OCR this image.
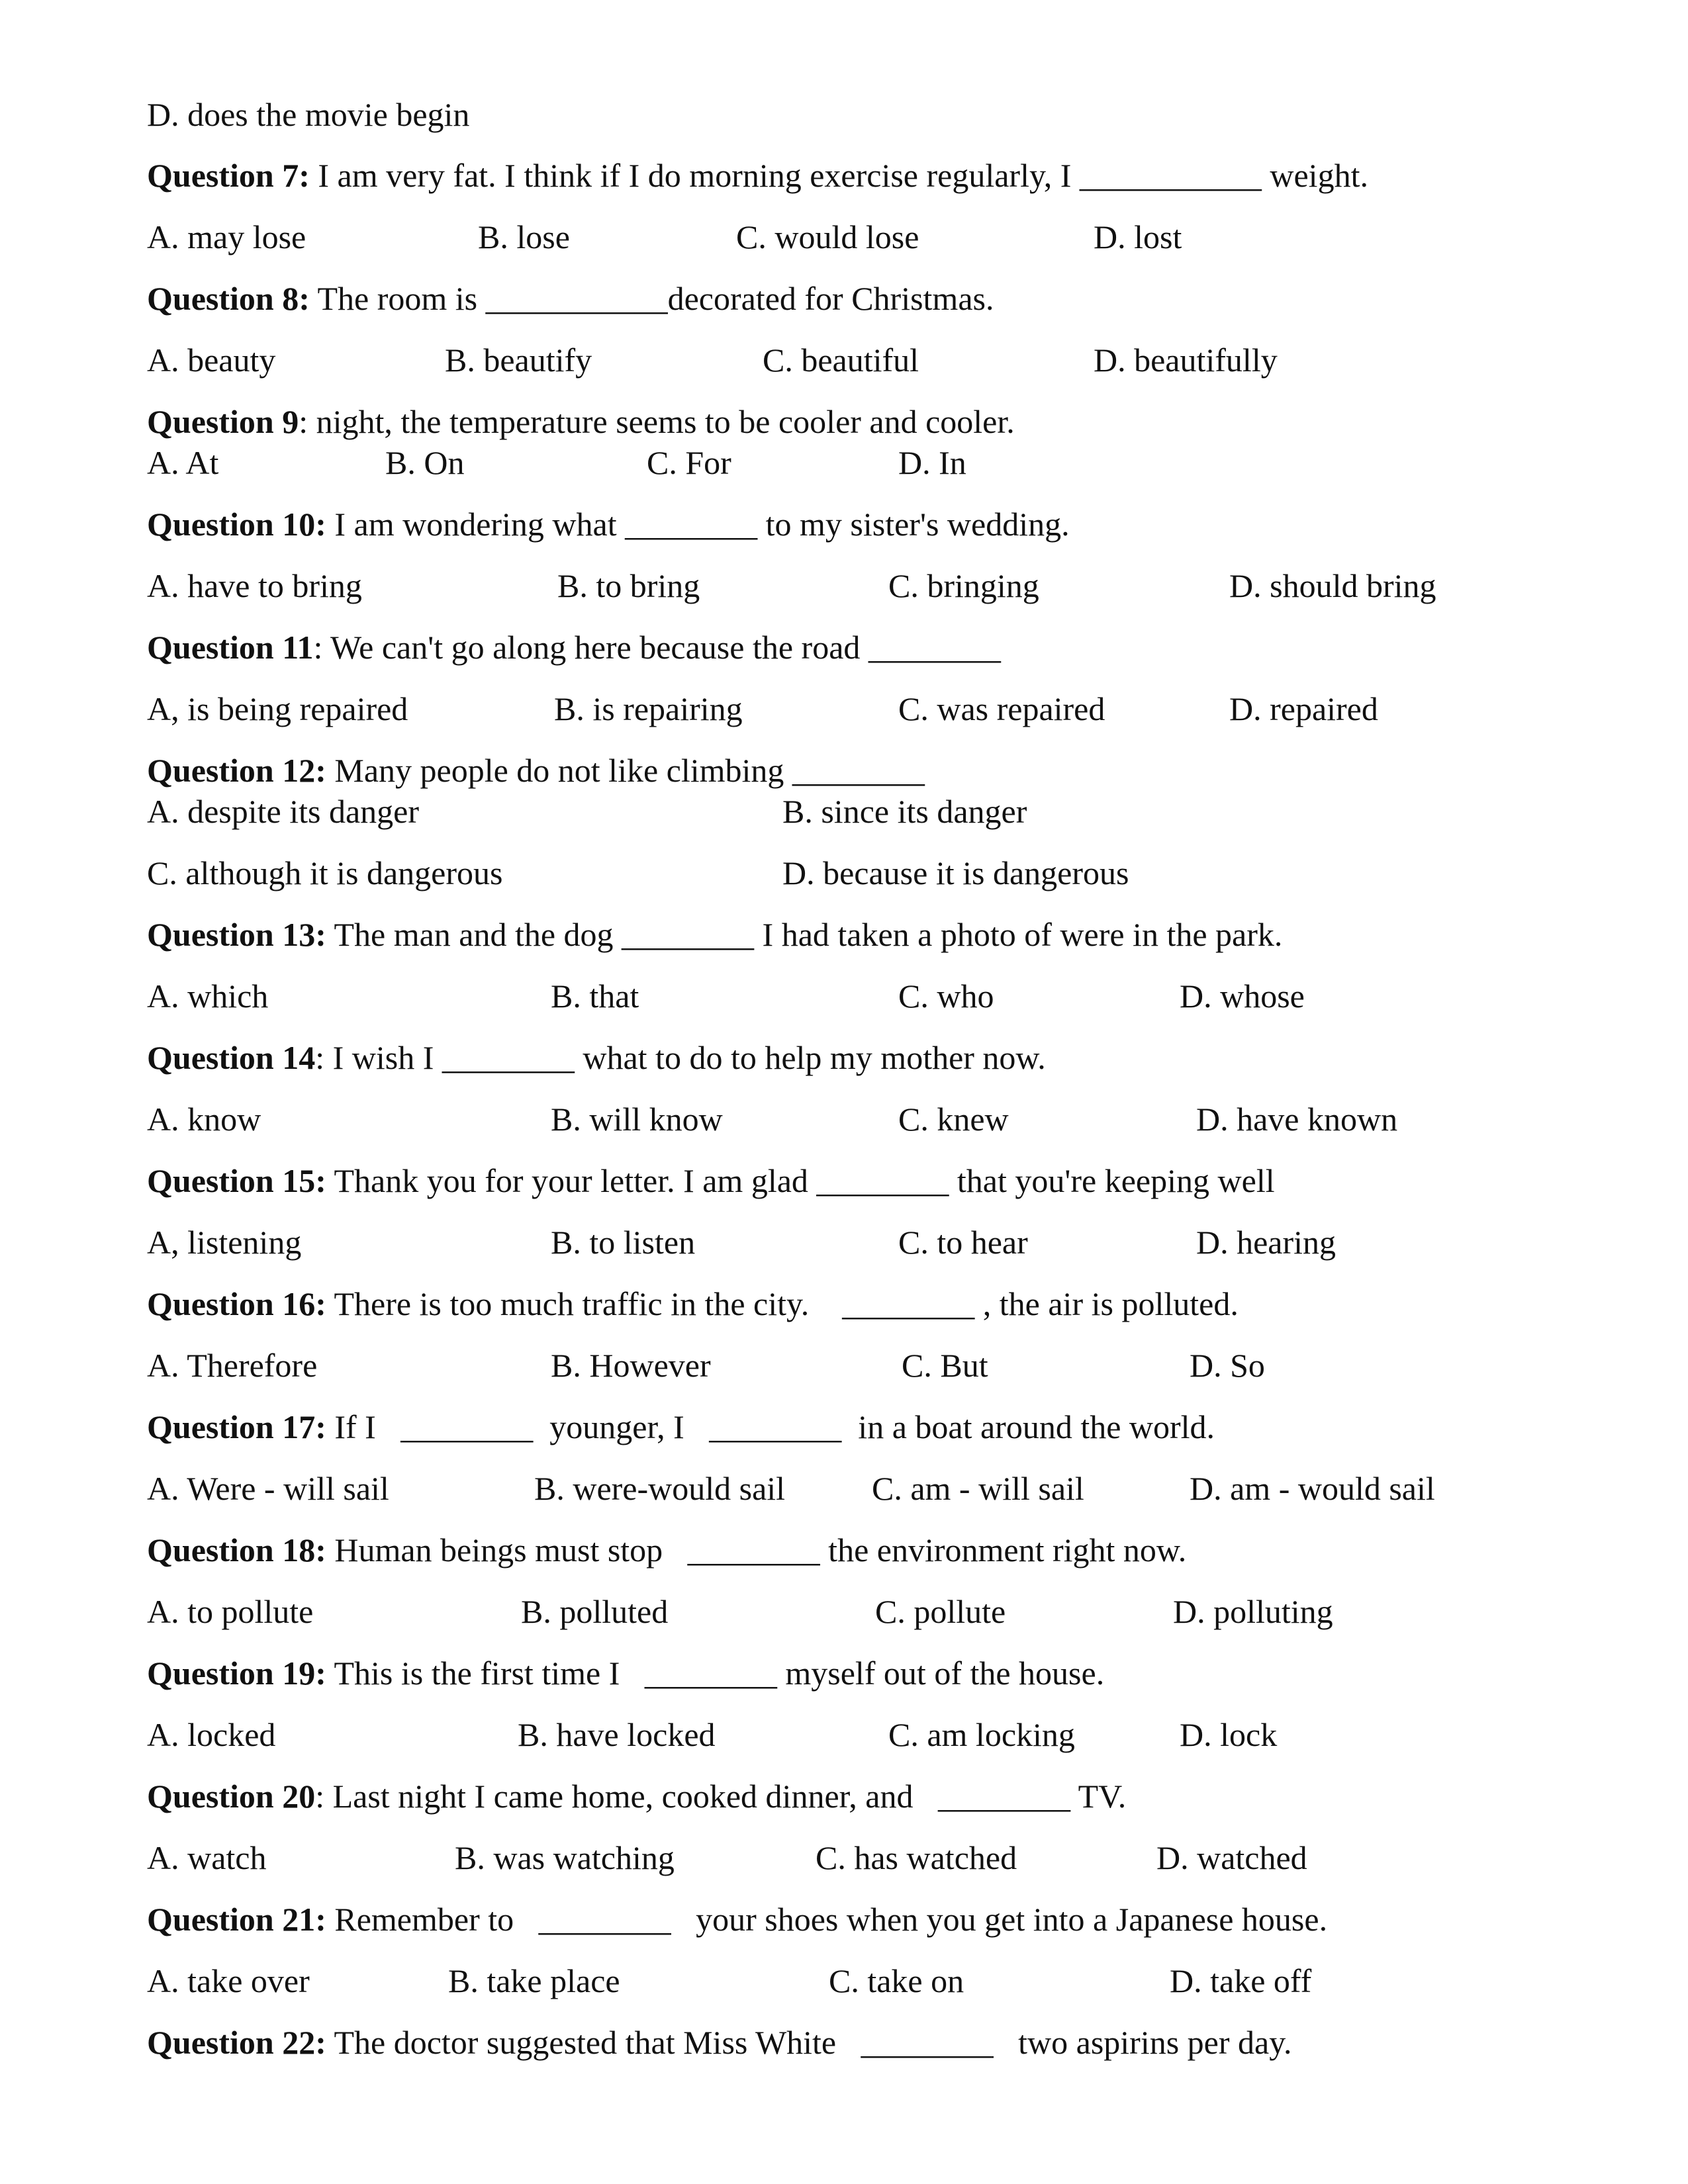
D. does the movie begin
Question 7: I am very fat. I think if I do morning exercise regularly, I ___________ weight.
A. may lose	B. lose	C. would lose	D. lost
Question 8: The room is ___________decorated for Christmas.
A. beauty	B. beautify	C. beautiful	D. beautifully
Question 9: night, the temperature seems to be cooler and cooler.
A. At	B. On	C. For	D. In
Question 10: I am wondering what ________ to my sister's wedding.
A. have to bring	B. to bring	C. bringing	D. should bring
Question 11: We can't go along here because the road ________
A, is being repaired	B. is repairing	C. was repaired	D. repaired
Question 12: Many people do not like climbing ________
A. despite its danger	B. since its danger
C. although it is dangerous	D. because it is dangerous
Question 13: The man and the dog ________ I had taken a photo of were in the park.
A. which	B. that	C. who	D. whose
Question 14: I wish I ________ what to do to help my mother now.
A. know	B. will know	C. knew	D. have known
Question 15: Thank you for your letter. I am glad ________ that you're keeping well
A, listening	B. to listen	C. to hear	D. hearing
Question 16: There is too much traffic in the city.    ________ , the air is polluted.
A. Therefore	B. However	C. But	D. So
Question 17: If I   ________  younger, I   ________  in a boat around the world.
A. Were - will sail	B. were-would sail	C. am - will sail	D. am - would sail
Question 18: Human beings must stop   ________ the environment right now.
A. to pollute	B. polluted	C. pollute	D. polluting
Question 19: This is the first time I   ________ myself out of the house.
A. locked	B. have locked	C. am locking	D. lock
Question 20: Last night I came home, cooked dinner, and   ________ TV.
A. watch	B. was watching	C. has watched	D. watched
Question 21: Remember to   ________   your shoes when you get into a Japanese house.
A. take over	B. take place	C. take on	D. take off
Question 22: The doctor suggested that Miss White   ________   two aspirins per day.
